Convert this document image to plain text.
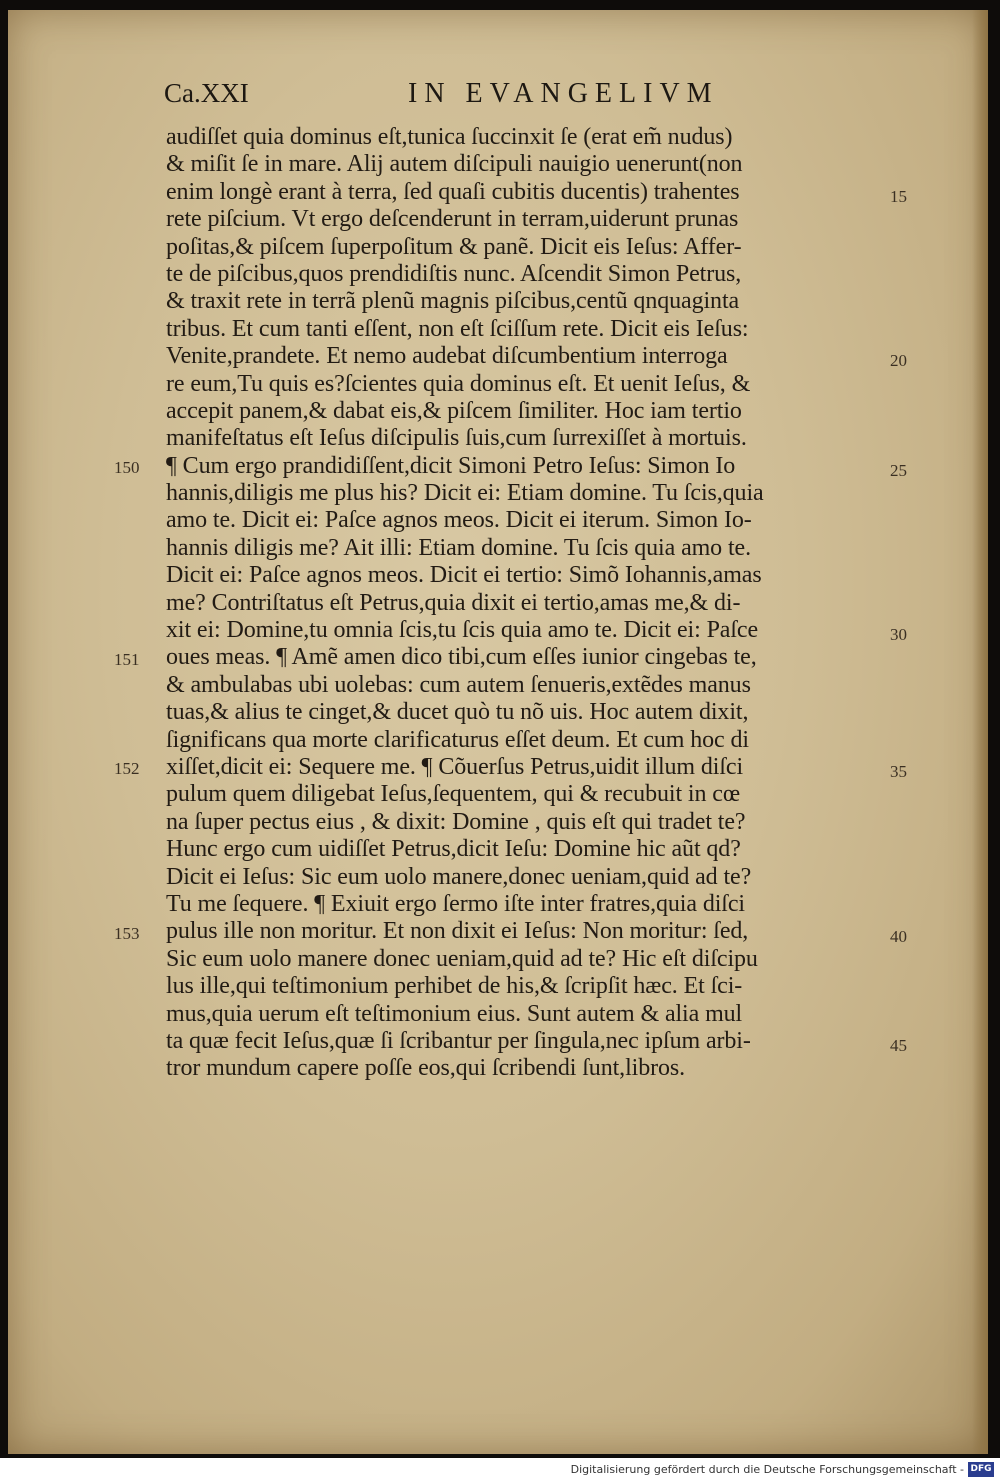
Ca.XXI	IN EVANGELIVM
audiſſet quia dominus eſt,tunica ſuccinxit ſe (erat em̃ nudus)
& miſit ſe in mare. Alij autem diſcipuli nauigio uenerunt(non
enim longè erant à terra, ſed quaſi cubitis ducentis) trahentes
rete piſcium. Vt ergo deſcenderunt in terram,uiderunt prunas
poſitas,& piſcem ſuperpoſitum & panẽ. Dicit eis Ieſus: Affer-
te de piſcibus,quos prendidiſtis nunc. Aſcendit Simon Petrus,
& traxit rete in terrã plenũ magnis piſcibus,centũ qnquaginta
tribus. Et cum tanti eſſent, non eſt ſciſſum rete. Dicit eis Ieſus:
Venite,prandete. Et nemo audebat diſcumbentium interroga
re eum,Tu quis es?ſcientes quia dominus eſt. Et uenit Ieſus, &
accepit panem,& dabat eis,& piſcem ſimiliter. Hoc iam tertio
manifeſtatus eſt Ieſus diſcipulis ſuis,cum ſurrexiſſet à mortuis.
¶ Cum ergo prandidiſſent,dicit Simoni Petro Ieſus: Simon Io
hannis,diligis me plus his? Dicit ei: Etiam domine. Tu ſcis,quia
amo te. Dicit ei: Paſce agnos meos. Dicit ei iterum. Simon Io-
hannis diligis me? Ait illi: Etiam domine. Tu ſcis quia amo te.
Dicit ei: Paſce agnos meos. Dicit ei tertio: Simõ Iohannis,amas
me? Contriſtatus eſt Petrus,quia dixit ei tertio,amas me,& di-
xit ei: Domine,tu omnia ſcis,tu ſcis quia amo te. Dicit ei: Paſce
oues meas. ¶ Amẽ amen dico tibi,cum eſſes iunior cingebas te,
& ambulabas ubi uolebas: cum autem ſenueris,extẽdes manus
tuas,& alius te cinget,& ducet quò tu nõ uis. Hoc autem dixit,
ſignificans qua morte clarificaturus eſſet deum. Et cum hoc di
xiſſet,dicit ei: Sequere me. ¶ Cõuerſus Petrus,uidit illum diſci
pulum quem diligebat Ieſus,ſequentem, qui & recubuit in cœ
na ſuper pectus eius , & dixit: Domine , quis eſt qui tradet te?
Hunc ergo cum uidiſſet Petrus,dicit Ieſu: Domine hic aũt qd?
Dicit ei Ieſus: Sic eum uolo manere,donec ueniam,quid ad te?
Tu me ſequere. ¶ Exiuit ergo ſermo iſte inter fratres,quia diſci
pulus ille non moritur. Et non dixit ei Ieſus: Non moritur: ſed,
Sic eum uolo manere donec ueniam,quid ad te? Hic eſt diſcipu
lus ille,qui teſtimonium perhibet de his,& ſcripſit hæc. Et ſci-
mus,quia uerum eſt teſtimonium eius. Sunt autem & alia mul
ta quæ fecit Ieſus,quæ ſi ſcribantur per ſingula,nec ipſum arbi-
tror mundum capere poſſe eos,qui ſcribendi ſunt,libros.
150
151
152
153
15
20
25
30
35
40
45
Digitalisierung gefördert durch die Deutsche Forschungsgemeinschaft - DFG
